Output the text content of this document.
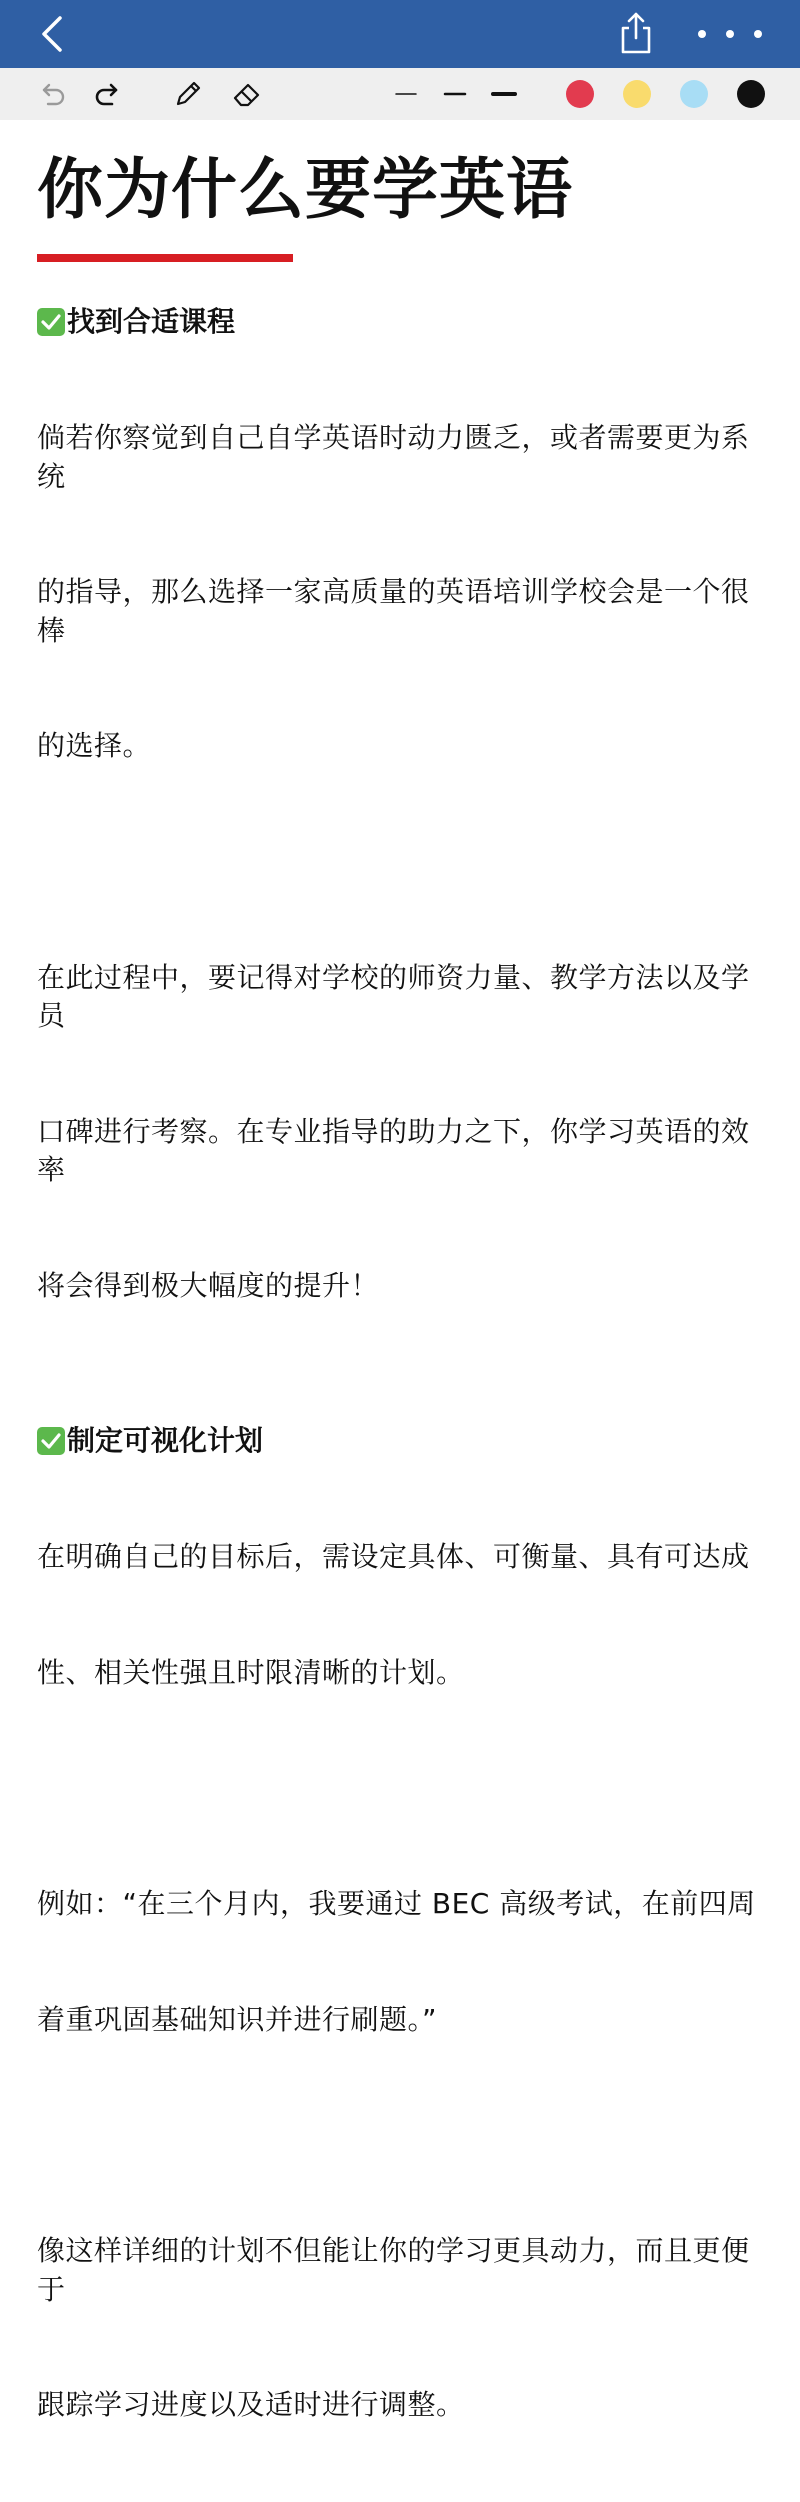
你为什么要学英语
找到合适课程

倘若你察觉到自己自学英语时动力匮乏，或者需要更为系统

的指导，那么选择一家高质量的英语培训学校会是一个很棒

的选择。

在此过程中，要记得对学校的师资力量、教学方法以及学员

口碑进行考察。在专业指导的助力之下，你学习英语的效率

将会得到极大幅度的提升！

制定可视化计划

在明确自己的目标后，需设定具体、可衡量、具有可达成

性、相关性强且时限清晰的计划。

例如：“在三个月内，我要通过 BEC 高级考试，在前四周

着重巩固基础知识并进行刷题。”

像这样详细的计划不但能让你的学习更具动力，而且更便于

跟踪学习进度以及适时进行调整。
